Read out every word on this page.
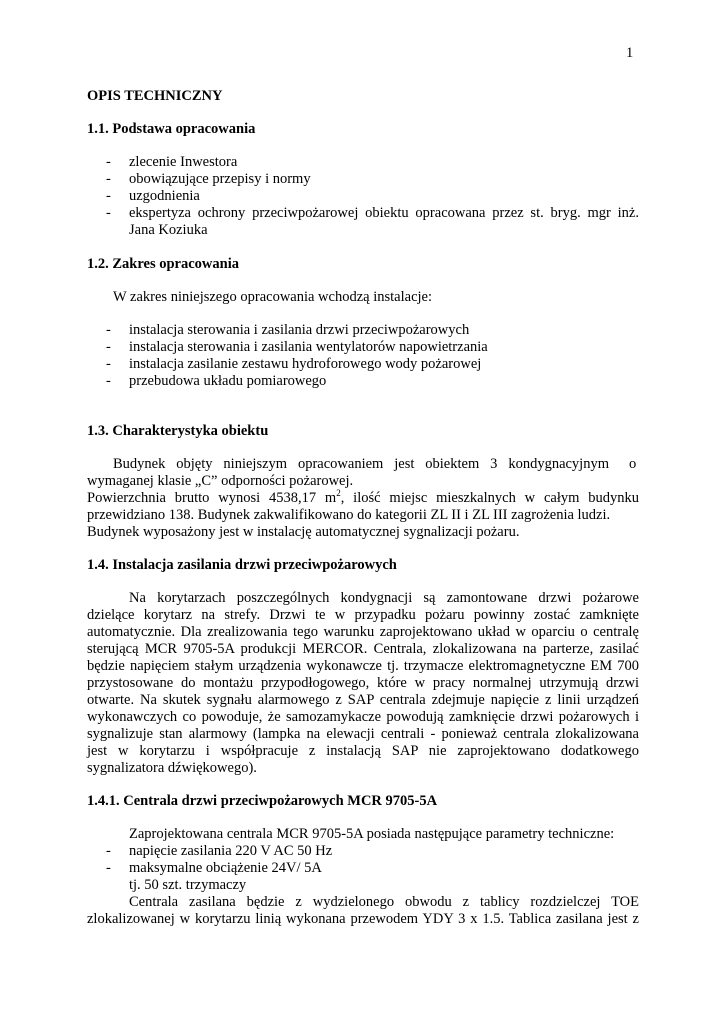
1
OPIS TECHNICZNY
1.1. Podstawa opracowania
- zlecenie Inwestora
- obowiązujące przepisy i normy
- uzgodnienia
- ekspertyza ochrony przeciwpożarowej obiektu opracowana przez st. bryg. mgr inż.
Jana Koziuka
1.2. Zakres opracowania
W zakres niniejszego opracowania wchodzą instalacje:
- instalacja sterowania i zasilania drzwi przeciwpożarowych
- instalacja sterowania i zasilania wentylatorów napowietrzania
- instalacja zasilanie zestawu hydroforowego wody pożarowej
- przebudowa układu pomiarowego
1.3. Charakterystyka obiektu
Budynek objęty niniejszym opracowaniem jest obiektem 3 kondygnacyjnym o
wymaganej klasie „C” odporności pożarowej.
Powierzchnia brutto wynosi 4538,17 $m^2$, ilość miejsc mieszkalnych w całym budynku
przewidziano 138. Budynek zakwalifikowano do kategorii ZL II i ZL III zagrożenia ludzi.
Budynek wyposażony jest w instalację automatycznej sygnalizacji pożaru.
1.4. Instalacja zasilania drzwi przeciwpożarowych
Na korytarzach poszczególnych kondygnacji są zamontowane drzwi pożarowe
dzielące korytarz na strefy. Drzwi te w przypadku pożaru powinny zostać zamknięte
automatycznie. Dla zrealizowania tego warunku zaprojektowano układ w oparciu o centralę
sterującą MCR 9705-5A produkcji MERCOR. Centrala, zlokalizowana na parterze, zasilać
będzie napięciem stałym urządzenia wykonawcze tj. trzymacze elektromagnetyczne EM 700
przystosowane do montażu przypodłogowego, które w pracy normalnej utrzymują drzwi
otwarte. Na skutek sygnału alarmowego z SAP centrala zdejmuje napięcie z linii urządzeń
wykonawczych co powoduje, że samozamykacze powodują zamknięcie drzwi pożarowych i
sygnalizuje stan alarmowy (lampka na elewacji centrali - ponieważ centrala zlokalizowana
jest w korytarzu i współpracuje z instalacją SAP nie zaprojektowano dodatkowego
sygnalizatora dźwiękowego).
1.4.1. Centrala drzwi przeciwpożarowych MCR 9705-5A
Zaprojektowana centrala MCR 9705-5A posiada następujące parametry techniczne:
- napięcie zasilania 220 V AC 50 Hz
- maksymalne obciążenie 24V/ 5A
tj. 50 szt. trzymaczy
Centrala zasilana będzie z wydzielonego obwodu z tablicy rozdzielczej TOE
zlokalizowanej w korytarzu linią wykonana przewodem YDY 3 x 1.5. Tablica zasilana jest z
